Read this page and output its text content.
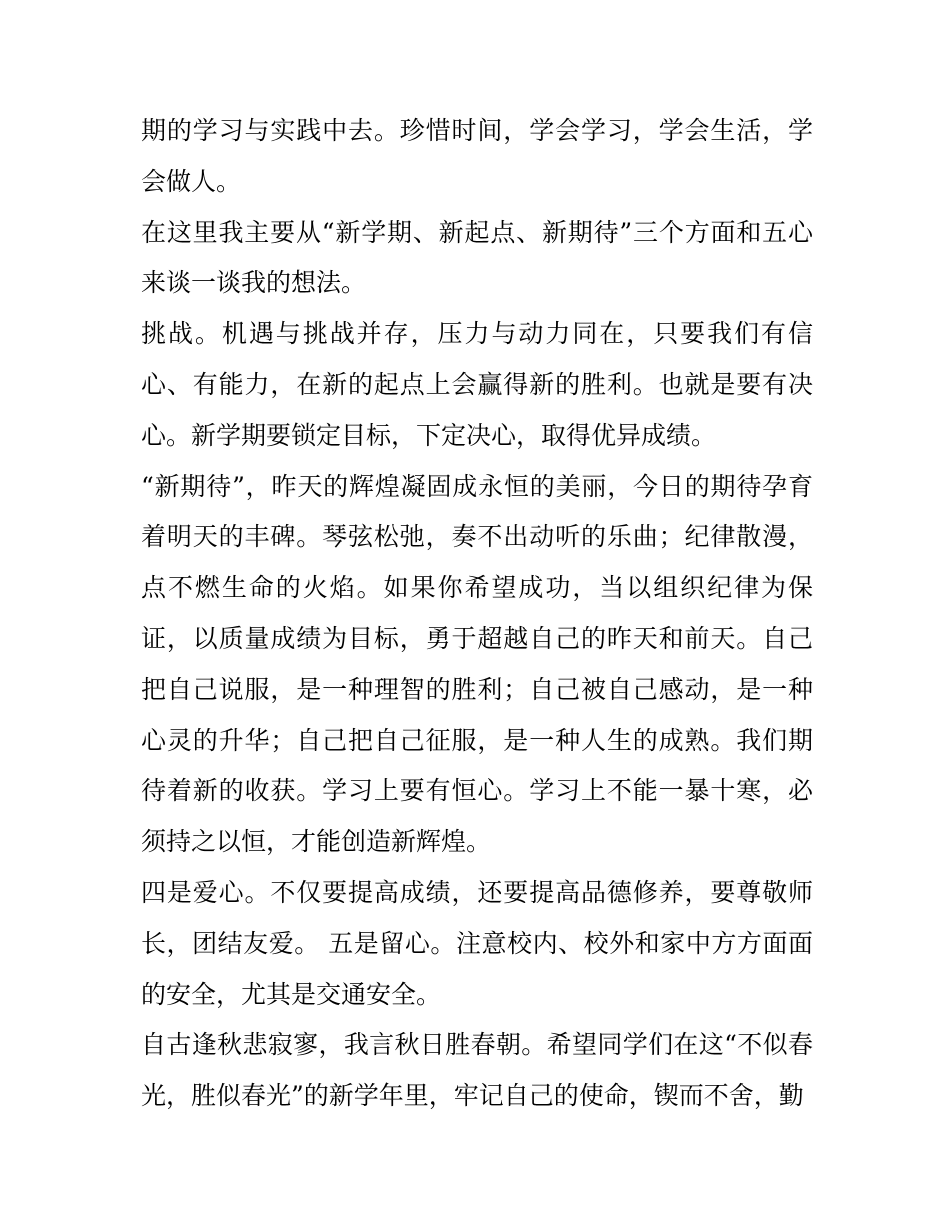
期的学习与实践中去。珍惜时间，学会学习，学会生活，学会做人。

在这里我主要从“新学期、新起点、新期待”三个方面和五心来谈一谈我的想法。

挑战。机遇与挑战并存，压力与动力同在，只要我们有信心、有能力，在新的起点上会赢得新的胜利。也就是要有决心。新学期要锁定目标，下定决心，取得优异成绩。

“新期待”，昨天的辉煌凝固成永恒的美丽，今日的期待孕育着明天的丰碑。琴弦松弛，奏不出动听的乐曲；纪律散漫，点不燃生命的火焰。如果你希望成功，当以组织纪律为保证，以质量成绩为目标，勇于超越自己的昨天和前天。自己把自己说服，是一种理智的胜利；自己被自己感动，是一种心灵的升华；自己把自己征服，是一种人生的成熟。我们期待着新的收获。学习上要有恒心。学习上不能一暴十寒，必须持之以恒，才能创造新辉煌。

四是爱心。不仅要提高成绩，还要提高品德修养，要尊敬师长，团结友爱。 五是留心。注意校内、校外和家中方方面面的安全，尤其是交通安全。

自古逢秋悲寂寥，我言秋日胜春朝。希望同学们在这“不似春光，胜似春光”的新学年里，牢记自己的使命，锲而不舍，勤
